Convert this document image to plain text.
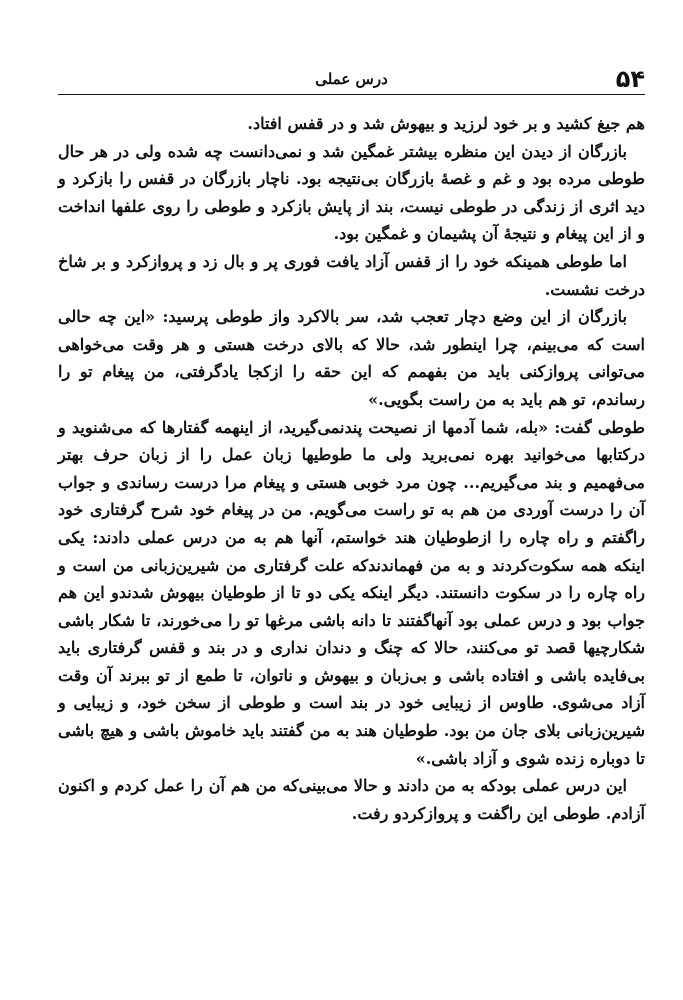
۵۴
درس عملی

هم جیغ کشید و بر خود لرزید و بیهوش شد و در قفس افتاد.

بازرگان از دیدن این منظره بیشتر غمگین شد و نمی‌دانست چه شده ولی در هر حال طوطی مرده بود و غم و غصهٔ بازرگان بی‌نتیجه بود. ناچار بازرگان در قفس را بازکرد و دید اثری از زندگی در طوطی نیست، بند از پایش بازکرد و طوطی را روی علفها انداخت و از این پیغام و نتیجهٔ آن پشیمان و غمگین بود.

اما طوطی همینکه خود را از قفس آزاد یافت فوری پر و بال زد و پروازکرد و بر شاخ درخت نشست.

بازرگان از این وضع دچار تعجب شد، سر بالاکرد واز طوطی پرسید: «این چه حالی است که می‌بینم، چرا اینطور شد، حالا که بالای درخت هستی و هر وقت می‌خواهی می‌توانی پروازکنی باید من بفهمم که این حقه را ازکجا یادگرفتی، من پیغام تو را رساندم، تو هم باید به من راست بگویی.»

طوطی گفت: «بله، شما آدمها از نصیحت پندنمی‌گیرید، از اینهمه گفتارها که می‌شنوید و درکتابها می‌خوانید بهره نمی‌برید ولی ما طوطیها زبان عمل را از زبان حرف بهتر می‌فهمیم و بند می‌گیریم... چون مرد خوبی هستی و پیغام مرا درست رساندی و جواب آن را درست آوردی من هم به تو راست می‌گویم. من در پیغام خود شرح گرفتاری خود راگفتم و راه چاره را ازطوطیان هند خواستم، آنها هم به من درس عملی دادند: یکی اینکه همه سکوت‌کردند و به من فهماندندکه علت گرفتاری من شیرین‌زبانی من است و راه چاره را در سکوت دانستند. دیگر اینکه یکی دو تا از طوطیان بیهوش شدندو این هم جواب بود و درس عملی بود آنهاگفتند تا دانه باشی مرغها تو را می‌خورند، تا شکار باشی شکارچیها قصد تو می‌کنند، حالا که چنگ و دندان نداری و در بند و قفس گرفتاری باید بی‌فایده باشی و افتاده باشی و بی‌زبان و بیهوش و ناتوان، تا طمع از تو ببرند آن وقت آزاد می‌شوی. طاوس از زیبایی خود در بند است و طوطی از سخن خود، و زیبایی و شیرین‌زبانی بلای جان من بود. طوطیان هند به من گفتند باید خاموش باشی و هیچ باشی تا دوباره زنده شوی و آزاد باشی.»

این درس عملی بودکه به من دادند و حالا می‌بینی‌که من هم آن را عمل کردم و اکنون آزادم. طوطی این راگفت و پروازکردو رفت.
